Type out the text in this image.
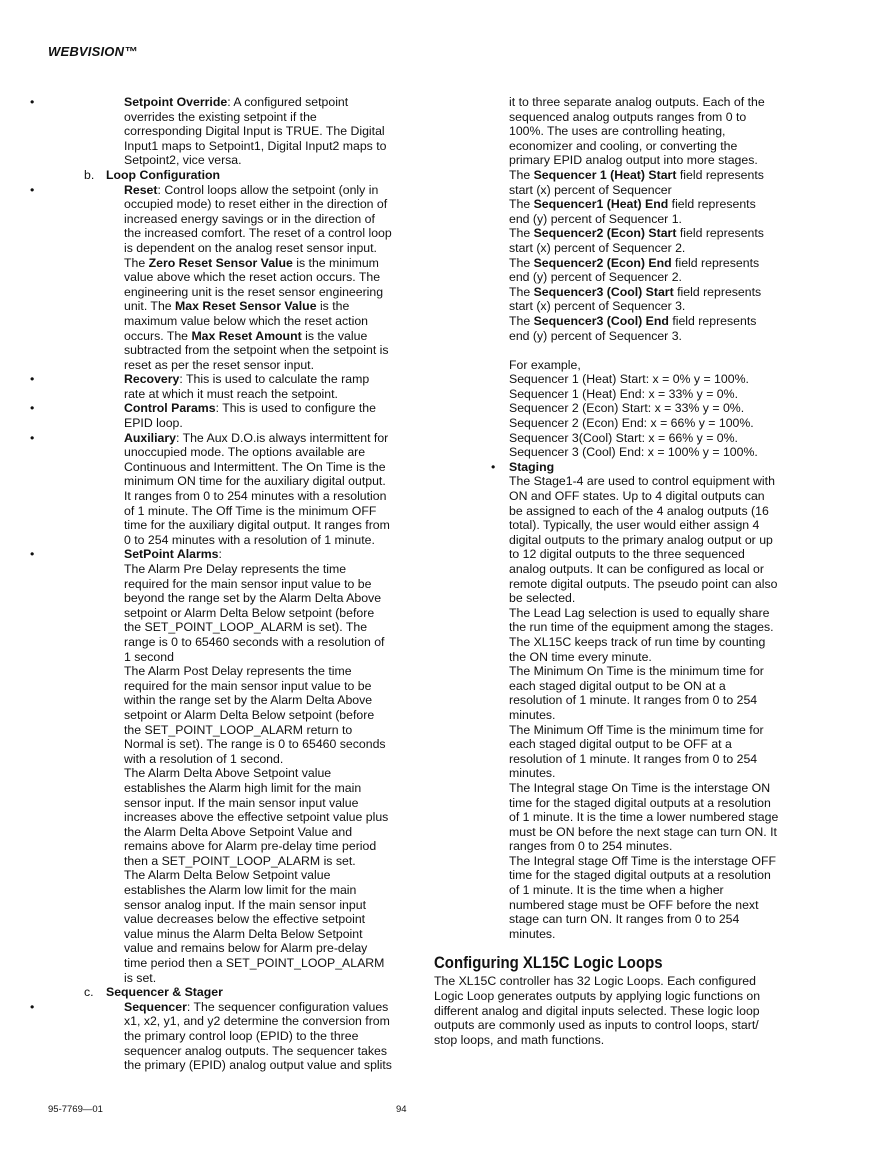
WEBVISION™
•	Setpoint Override: A configured setpoint
overrides the existing setpoint if the
corresponding Digital Input is TRUE. The Digital
Input1 maps to Setpoint1, Digital Input2 maps to
Setpoint2, vice versa.
b. Loop Configuration
•	Reset: Control loops allow the setpoint (only in
occupied mode) to reset either in the direction of
increased energy savings or in the direction of
the increased comfort. The reset of a control loop
is dependent on the analog reset sensor input.
The Zero Reset Sensor Value is the minimum
value above which the reset action occurs. The
engineering unit is the reset sensor engineering
unit. The Max Reset Sensor Value is the
maximum value below which the reset action
occurs. The Max Reset Amount is the value
subtracted from the setpoint when the setpoint is
reset as per the reset sensor input.
•	Recovery: This is used to calculate the ramp
rate at which it must reach the setpoint.
•	Control Params: This is used to configure the
EPID loop.
•	Auxiliary: The Aux D.O.is always intermittent for
unoccupied mode. The options available are
Continuous and Intermittent. The On Time is the
minimum ON time for the auxiliary digital output.
It ranges from 0 to 254 minutes with a resolution
of 1 minute. The Off Time is the minimum OFF
time for the auxiliary digital output. It ranges from
0 to 254 minutes with a resolution of 1 minute.
•	SetPoint Alarms:
The Alarm Pre Delay represents the time
required for the main sensor input value to be
beyond the range set by the Alarm Delta Above
setpoint or Alarm Delta Below setpoint (before
the SET_POINT_LOOP_ALARM is set). The
range is 0 to 65460 seconds with a resolution of
1 second
The Alarm Post Delay represents the time
required for the main sensor input value to be
within the range set by the Alarm Delta Above
setpoint or Alarm Delta Below setpoint (before
the SET_POINT_LOOP_ALARM return to
Normal is set). The range is 0 to 65460 seconds
with a resolution of 1 second.
The Alarm Delta Above Setpoint value
establishes the Alarm high limit for the main
sensor input. If the main sensor input value
increases above the effective setpoint value plus
the Alarm Delta Above Setpoint Value and
remains above for Alarm pre-delay time period
then a SET_POINT_LOOP_ALARM is set.
The Alarm Delta Below Setpoint value
establishes the Alarm low limit for the main
sensor analog input. If the main sensor input
value decreases below the effective setpoint
value minus the Alarm Delta Below Setpoint
value and remains below for Alarm pre-delay
time period then a SET_POINT_LOOP_ALARM
is set.
c. Sequencer & Stager
•	Sequencer: The sequencer configuration values
x1, x2, y1, and y2 determine the conversion from
the primary control loop (EPID) to the three
sequencer analog outputs. The sequencer takes
the primary (EPID) analog output value and splits
it to three separate analog outputs. Each of the
sequenced analog outputs ranges from 0 to
100%. The uses are controlling heating,
economizer and cooling, or converting the
primary EPID analog output into more stages.
The Sequencer 1 (Heat) Start field represents
start (x) percent of Sequencer
The Sequencer1 (Heat) End field represents
end (y) percent of Sequencer 1.
The Sequencer2 (Econ) Start field represents
start (x) percent of Sequencer 2.
The Sequencer2 (Econ) End field represents
end (y) percent of Sequencer 2.
The Sequencer3 (Cool) Start field represents
start (x) percent of Sequencer 3.
The Sequencer3 (Cool) End field represents
end (y) percent of Sequencer 3.
For example,
Sequencer 1 (Heat) Start: x = 0% y = 100%.
Sequencer 1 (Heat) End: x = 33% y = 0%.
Sequencer 2 (Econ) Start: x = 33% y = 0%.
Sequencer 2 (Econ) End: x = 66% y = 100%.
Sequencer 3(Cool) Start: x = 66% y = 0%.
Sequencer 3 (Cool) End: x = 100% y = 100%.
• Staging
The Stage1-4 are used to control equipment with
ON and OFF states. Up to 4 digital outputs can
be assigned to each of the 4 analog outputs (16
total). Typically, the user would either assign 4
digital outputs to the primary analog output or up
to 12 digital outputs to the three sequenced
analog outputs. It can be configured as local or
remote digital outputs. The pseudo point can also
be selected.
The Lead Lag selection is used to equally share
the run time of the equipment among the stages.
The XL15C keeps track of run time by counting
the ON time every minute.
The Minimum On Time is the minimum time for
each staged digital output to be ON at a
resolution of 1 minute. It ranges from 0 to 254
minutes.
The Minimum Off Time is the minimum time for
each staged digital output to be OFF at a
resolution of 1 minute. It ranges from 0 to 254
minutes.
The Integral stage On Time is the interstage ON
time for the staged digital outputs at a resolution
of 1 minute. It is the time a lower numbered stage
must be ON before the next stage can turn ON. It
ranges from 0 to 254 minutes.
The Integral stage Off Time is the interstage OFF
time for the staged digital outputs at a resolution
of 1 minute. It is the time when a higher
numbered stage must be OFF before the next
stage can turn ON. It ranges from 0 to 254
minutes.
Configuring XL15C Logic Loops
The XL15C controller has 32 Logic Loops. Each configured
Logic Loop generates outputs by applying logic functions on
different analog and digital inputs selected. These logic loop
outputs are commonly used as inputs to control loops, start/
stop loops, and math functions.
95-7769—01	94
